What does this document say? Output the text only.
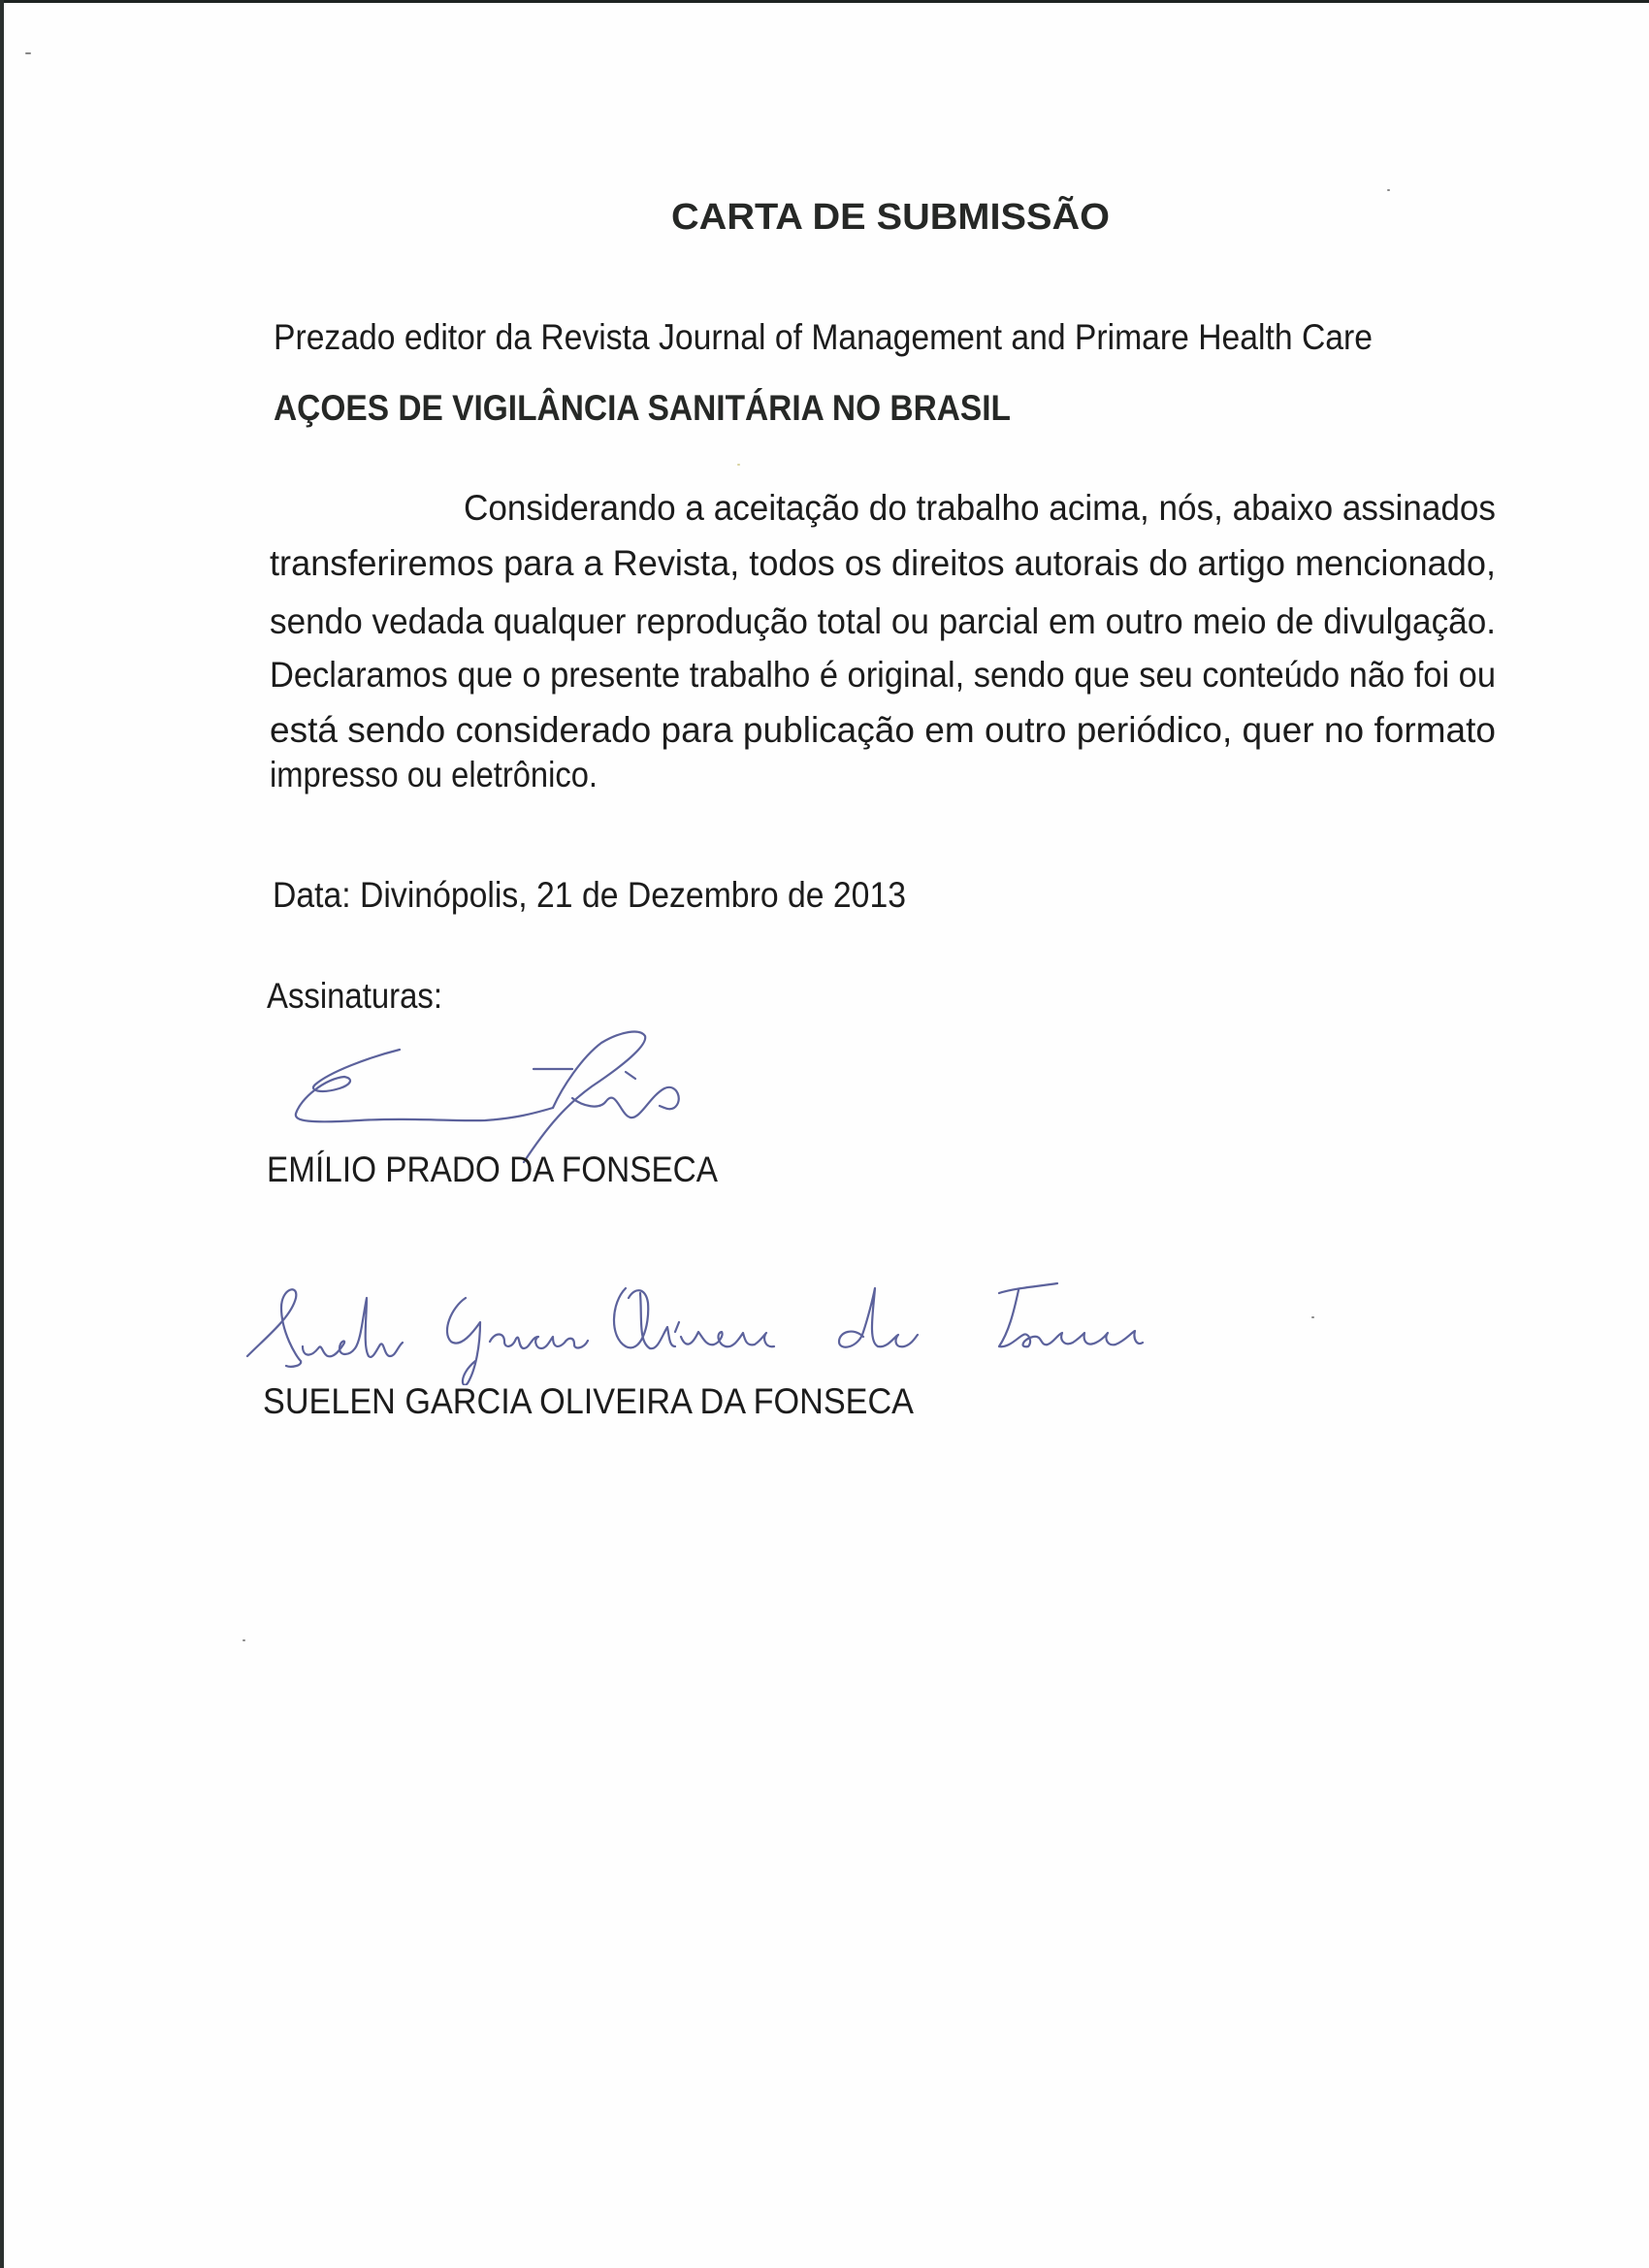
CARTA DE SUBMISSÃO
Prezado editor da Revista Journal of Management and Primare Health Care
AÇOES DE VIGILÂNCIA SANITÁRIA NO BRASIL
Considerando a aceitação do trabalho acima, nós, abaixo assinados
transferiremos para a Revista, todos os direitos autorais do artigo mencionado,
sendo vedada qualquer reprodução total ou parcial em outro meio de divulgação.
Declaramos que o presente trabalho é original, sendo que seu conteúdo não foi ou
está sendo considerado para publicação em outro periódico, quer no formato
impresso ou eletrônico.
Data: Divinópolis, 21 de Dezembro de 2013
Assinaturas:
EMÍLIO PRADO DA FONSECA
SUELEN GARCIA OLIVEIRA DA FONSECA
